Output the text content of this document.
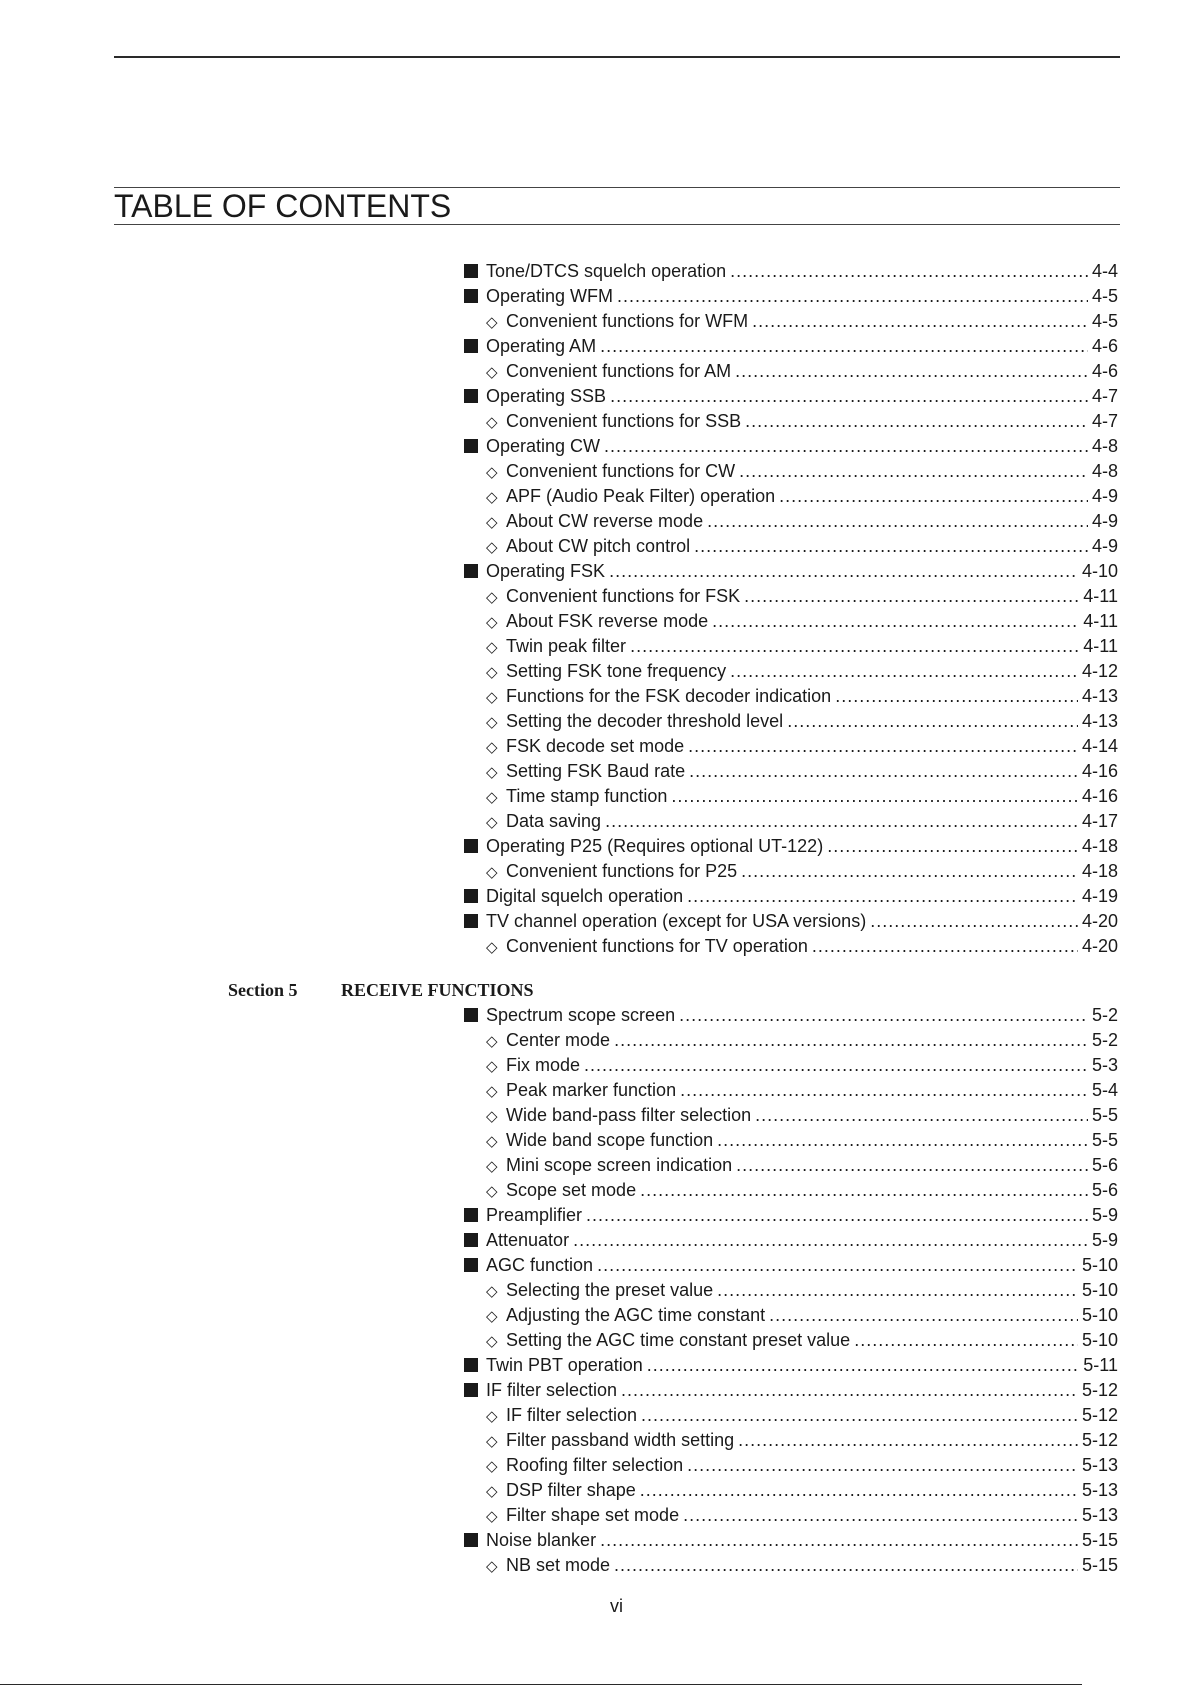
TABLE OF CONTENTS
Tone/DTCS squelch operation .....	4-4
Operating WFM .....	4-5
◇ Convenient functions for WFM .....	4-5
Operating AM .....	4-6
◇ Convenient functions for AM .....	4-6
Operating SSB .....	4-7
◇ Convenient functions for SSB .....	4-7
Operating CW .....	4-8
◇ Convenient functions for CW .....	4-8
◇ APF (Audio Peak Filter) operation .....	4-9
◇ About CW reverse mode .....	4-9
◇ About CW pitch control .....	4-9
Operating FSK .....	4-10
◇ Convenient functions for FSK .....	4-11
◇ About FSK reverse mode .....	4-11
◇ Twin peak filter .....	4-11
◇ Setting FSK tone frequency .....	4-12
◇ Functions for the FSK decoder indication .....	4-13
◇ Setting the decoder threshold level .....	4-13
◇ FSK decode set mode .....	4-14
◇ Setting FSK Baud rate .....	4-16
◇ Time stamp function .....	4-16
◇ Data saving .....	4-17
Operating P25 (Requires optional UT-122) .....	4-18
◇ Convenient functions for P25 .....	4-18
Digital squelch operation .....	4-19
TV channel operation (except for USA versions) .....	4-20
◇ Convenient functions for TV operation .....	4-20
Section 5 RECEIVE FUNCTIONS
Spectrum scope screen .....	5-2
◇ Center mode .....	5-2
◇ Fix mode .....	5-3
◇ Peak marker function .....	5-4
◇ Wide band-pass filter selection .....	5-5
◇ Wide band scope function .....	5-5
◇ Mini scope screen indication .....	5-6
◇ Scope set mode .....	5-6
Preamplifier .....	5-9
Attenuator .....	5-9
AGC function .....	5-10
◇ Selecting the preset value .....	5-10
◇ Adjusting the AGC time constant .....	5-10
◇ Setting the AGC time constant preset value .....	5-10
Twin PBT operation .....	5-11
IF filter selection .....	5-12
◇ IF filter selection .....	5-12
◇ Filter passband width setting .....	5-12
◇ Roofing filter selection .....	5-13
◇ DSP filter shape .....	5-13
◇ Filter shape set mode .....	5-13
Noise blanker .....	5-15
◇ NB set mode .....	5-15
vi
